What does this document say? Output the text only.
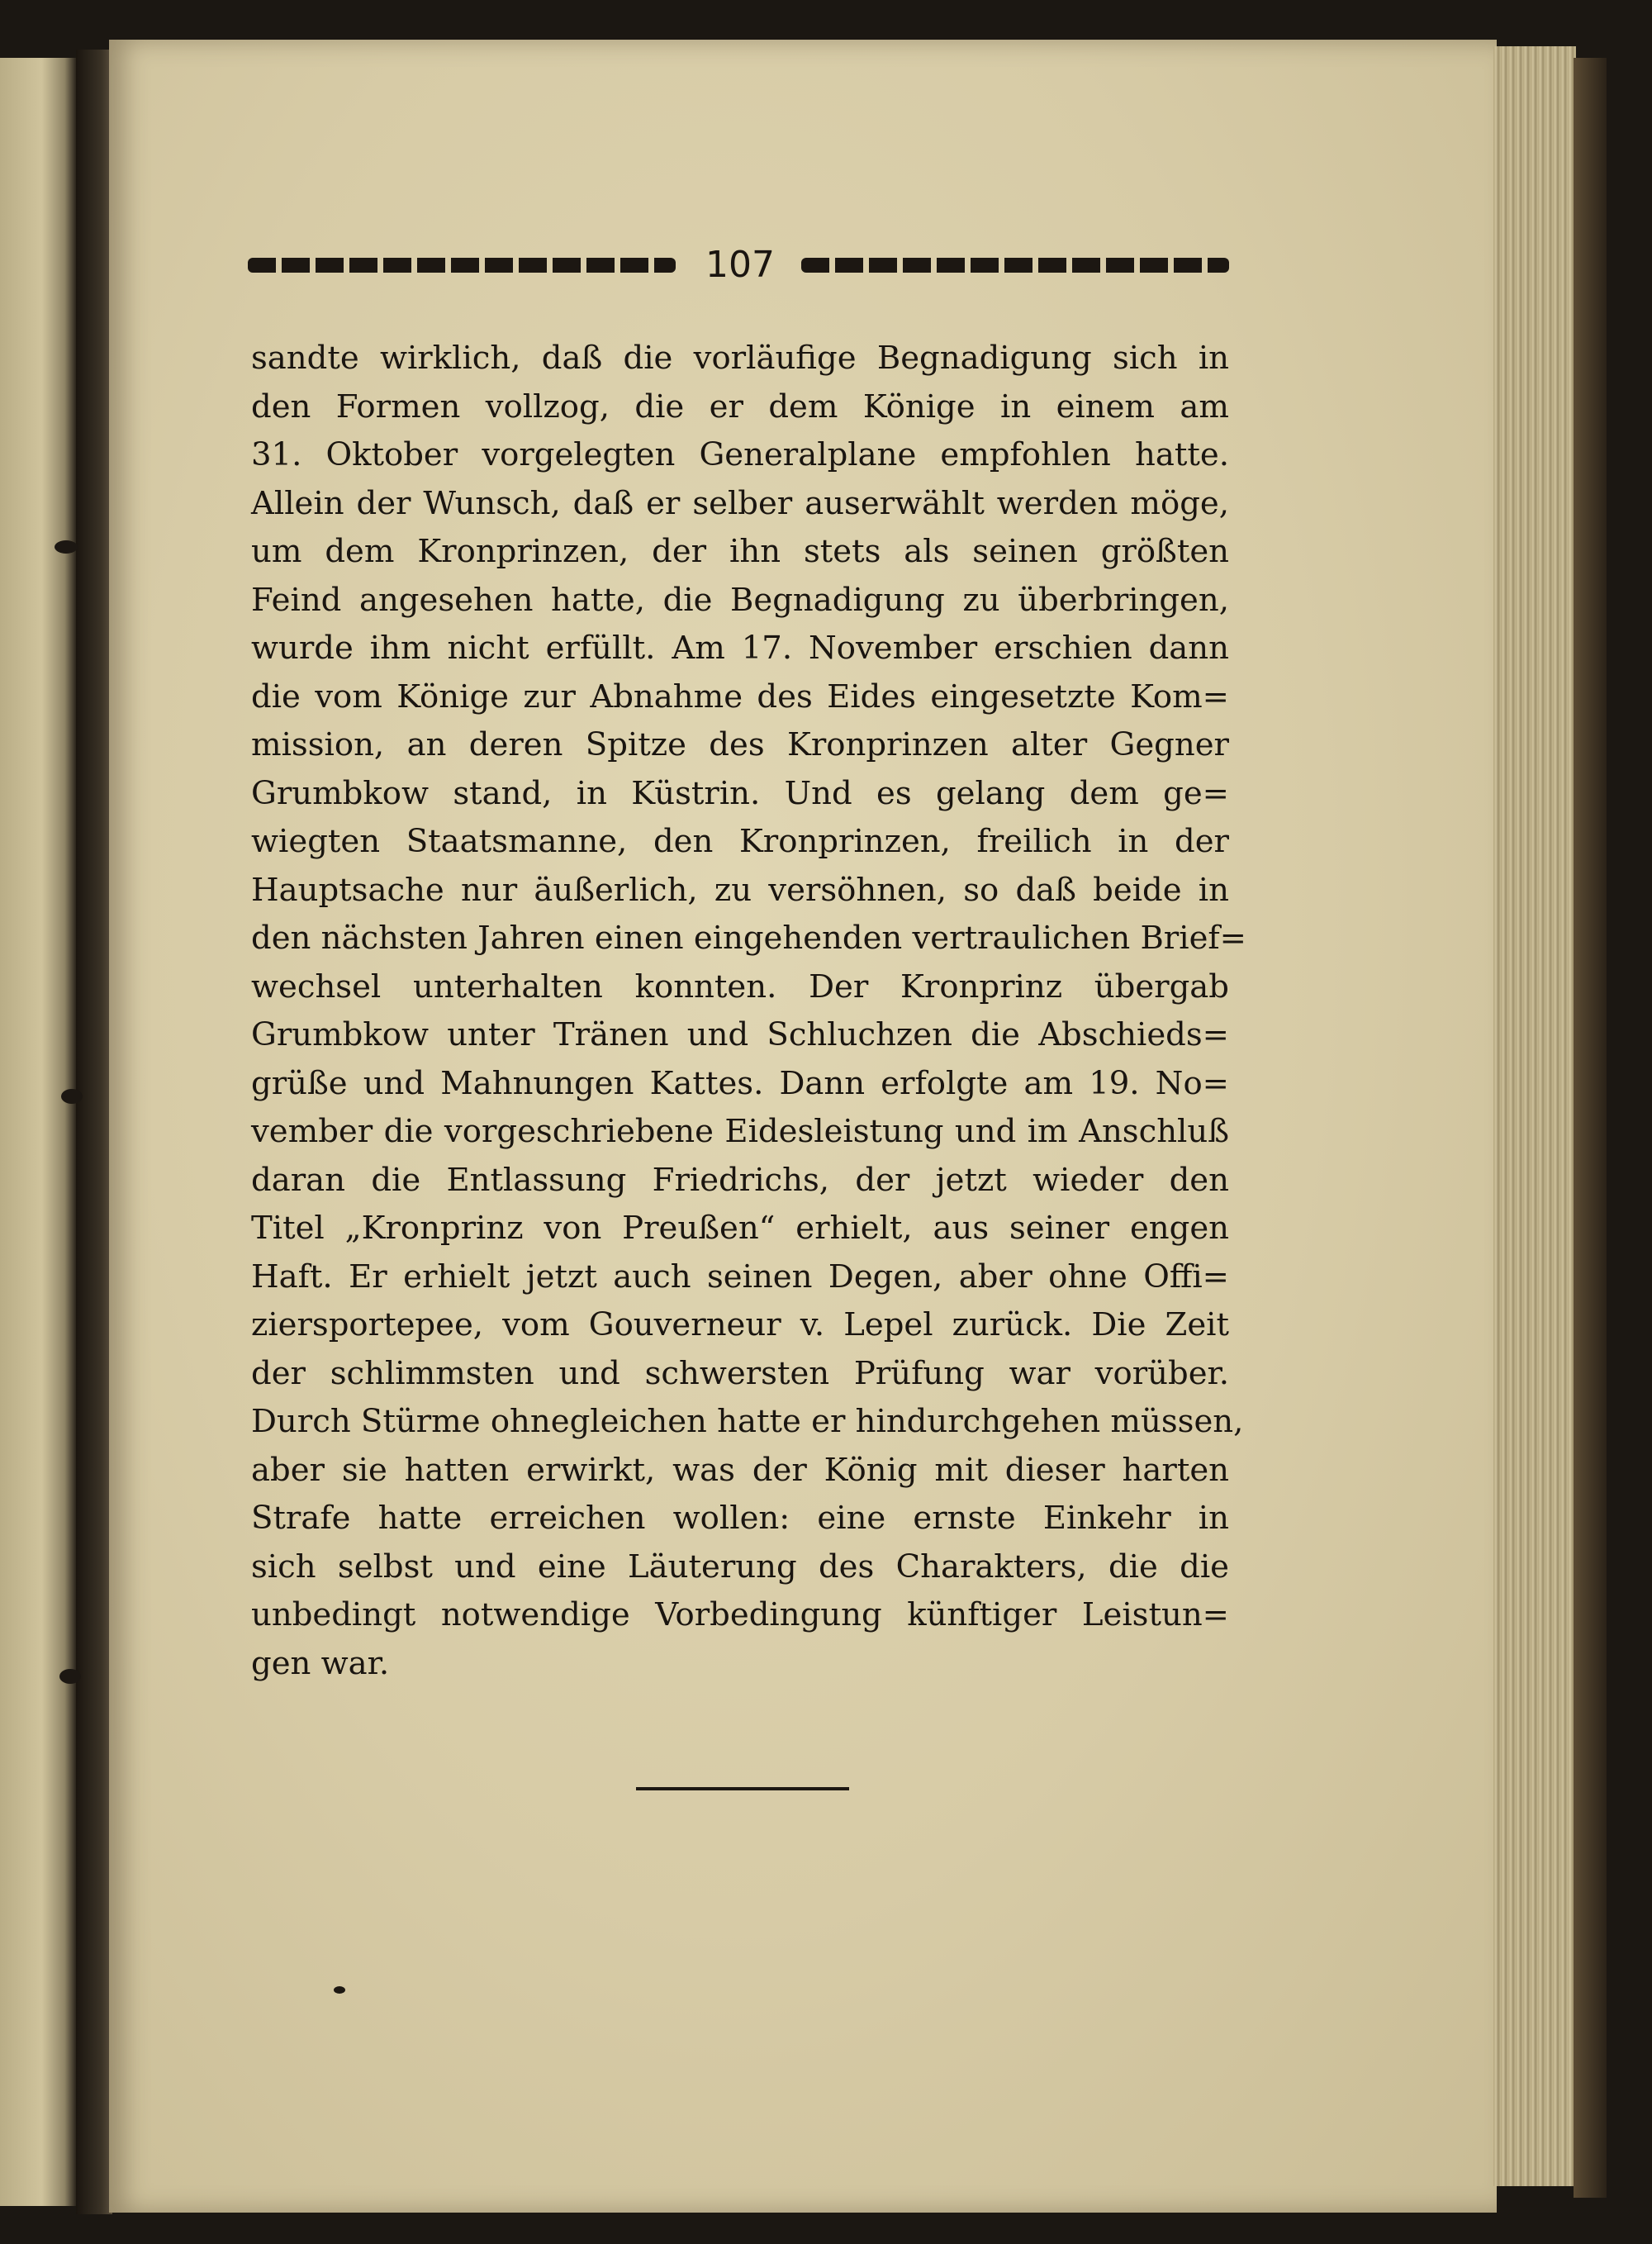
107
sandte wirklich, daß die vorläufige Begnadigung sich in
den Formen vollzog, die er dem Könige in einem am
31. Oktober vorgelegten Generalplane empfohlen hatte.
Allein der Wunsch, daß er selber auserwählt werden möge,
um dem Kronprinzen, der ihn stets als seinen größten
Feind angesehen hatte, die Begnadigung zu überbringen,
wurde ihm nicht erfüllt. Am 17. November erschien dann
die vom Könige zur Abnahme des Eides eingesetzte Kom=
mission, an deren Spitze des Kronprinzen alter Gegner
Grumbkow stand, in Küstrin. Und es gelang dem ge=
wiegten Staatsmanne, den Kronprinzen, freilich in der
Hauptsache nur äußerlich, zu versöhnen, so daß beide in
den nächsten Jahren einen eingehenden vertraulichen Brief=
wechsel unterhalten konnten. Der Kronprinz übergab
Grumbkow unter Tränen und Schluchzen die Abschieds=
grüße und Mahnungen Kattes. Dann erfolgte am 19. No=
vember die vorgeschriebene Eidesleistung und im Anschluß
daran die Entlassung Friedrichs, der jetzt wieder den
Titel „Kronprinz von Preußen“ erhielt, aus seiner engen
Haft. Er erhielt jetzt auch seinen Degen, aber ohne Offi=
ziersportepee, vom Gouverneur v. Lepel zurück. Die Zeit
der schlimmsten und schwersten Prüfung war vorüber.
Durch Stürme ohnegleichen hatte er hindurchgehen müssen,
aber sie hatten erwirkt, was der König mit dieser harten
Strafe hatte erreichen wollen: eine ernste Einkehr in
sich selbst und eine Läuterung des Charakters, die die
unbedingt notwendige Vorbedingung künftiger Leistun=
gen war.
